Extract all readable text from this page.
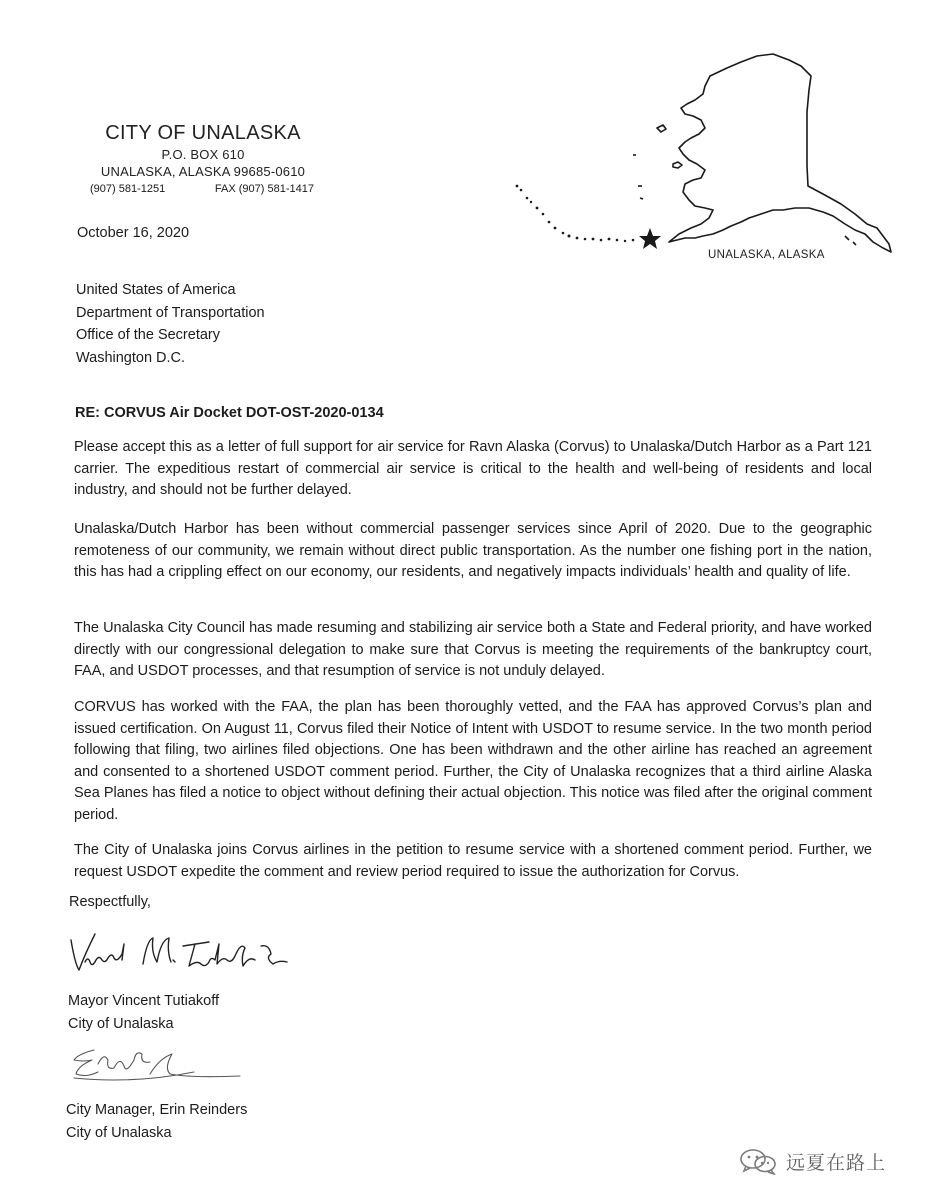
CITY OF UNALASKA
P.O. BOX 610
UNALASKA, ALASKA 99685-0610
(907) 581-1251	FAX (907) 581-1417
UNALASKA, ALASKA
October 16, 2020
United States of America
Department of Transportation
Office of the Secretary
Washington D.C.
RE: CORVUS Air Docket DOT-OST-2020-0134
Please accept this as a letter of full support for air service for Ravn Alaska (Corvus) to Unalaska/Dutch Harbor as a Part 121 carrier. The expeditious restart of commercial air service is critical to the health and well-being of residents and local industry, and should not be further delayed.
Unalaska/Dutch Harbor has been without commercial passenger services since April of 2020. Due to the geographic remoteness of our community, we remain without direct public transportation. As the number one fishing port in the nation, this has had a crippling effect on our economy, our residents, and negatively impacts individuals’ health and quality of life.
The Unalaska City Council has made resuming and stabilizing air service both a State and Federal priority, and have worked directly with our congressional delegation to make sure that Corvus is meeting the requirements of the bankruptcy court, FAA, and USDOT processes, and that resumption of service is not unduly delayed.
CORVUS has worked with the FAA, the plan has been thoroughly vetted, and the FAA has approved Corvus’s plan and issued certification. On August 11, Corvus filed their Notice of Intent with USDOT to resume service. In the two month period following that filing, two airlines filed objections. One has been withdrawn and the other airline has reached an agreement and consented to a shortened USDOT comment period. Further, the City of Unalaska recognizes that a third airline Alaska Sea Planes has filed a notice to object without defining their actual objection. This notice was filed after the original comment period.
The City of Unalaska joins Corvus airlines in the petition to resume service with a shortened comment period. Further, we request USDOT expedite the comment and review period required to issue the authorization for Corvus.
Respectfully,
Mayor Vincent Tutiakoff
City of Unalaska
City Manager, Erin Reinders
City of Unalaska
远夏在路上
